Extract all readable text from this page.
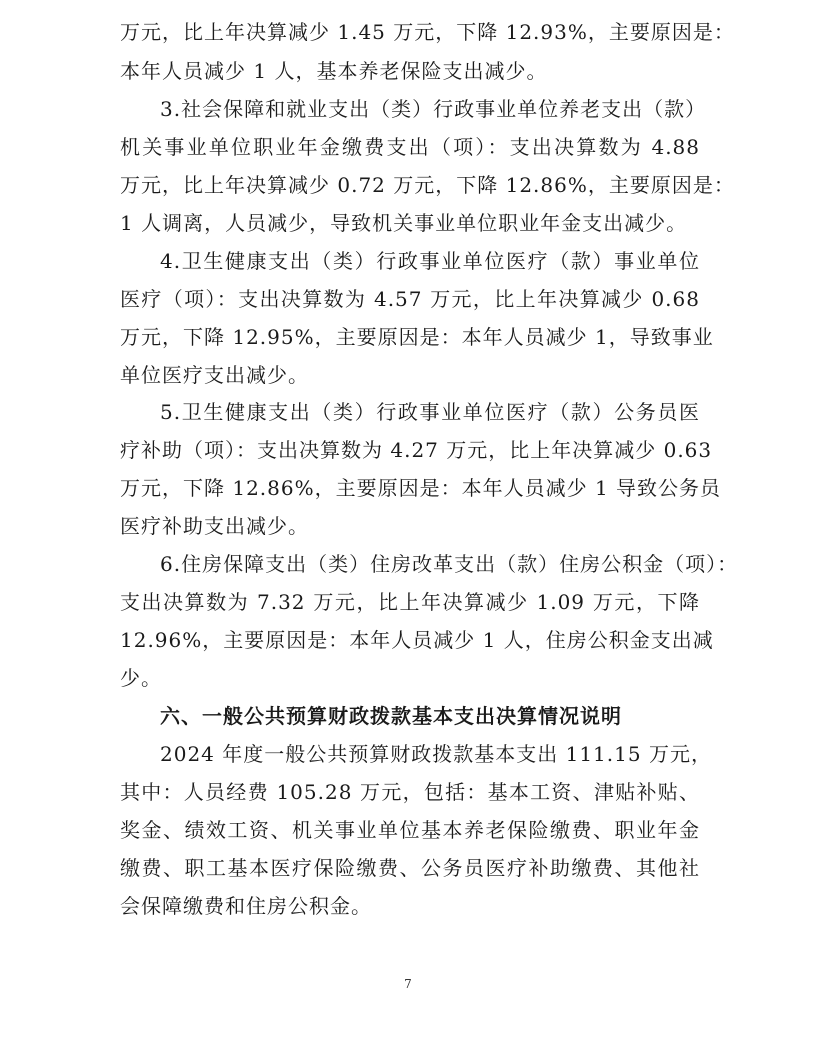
万元，比上年决算减少 1.45 万元，下降 12.93%，主要原因是：
本年人员减少 1 人，基本养老保险支出减少。
3.社会保障和就业支出（类）行政事业单位养老支出（款）
机关事业单位职业年金缴费支出（项）：支出决算数为 4.88
万元，比上年决算减少 0.72 万元，下降 12.86%，主要原因是：
1 人调离，人员减少，导致机关事业单位职业年金支出减少。
4.卫生健康支出（类）行政事业单位医疗（款）事业单位
医疗（项）：支出决算数为 4.57 万元，比上年决算减少 0.68
万元，下降 12.95%，主要原因是：本年人员减少 1，导致事业
单位医疗支出减少。
5.卫生健康支出（类）行政事业单位医疗（款）公务员医
疗补助（项）：支出决算数为 4.27 万元，比上年决算减少 0.63
万元，下降 12.86%，主要原因是：本年人员减少 1 导致公务员
医疗补助支出减少。
6.住房保障支出（类）住房改革支出（款）住房公积金（项）：
支出决算数为 7.32 万元，比上年决算减少 1.09 万元，下降
12.96%，主要原因是：本年人员减少 1 人，住房公积金支出减
少。
六、一般公共预算财政拨款基本支出决算情况说明
2024 年度一般公共预算财政拨款基本支出 111.15 万元，
其中：人员经费 105.28 万元，包括：基本工资、津贴补贴、
奖金、绩效工资、机关事业单位基本养老保险缴费、职业年金
缴费、职工基本医疗保险缴费、公务员医疗补助缴费、其他社
会保障缴费和住房公积金。
7
